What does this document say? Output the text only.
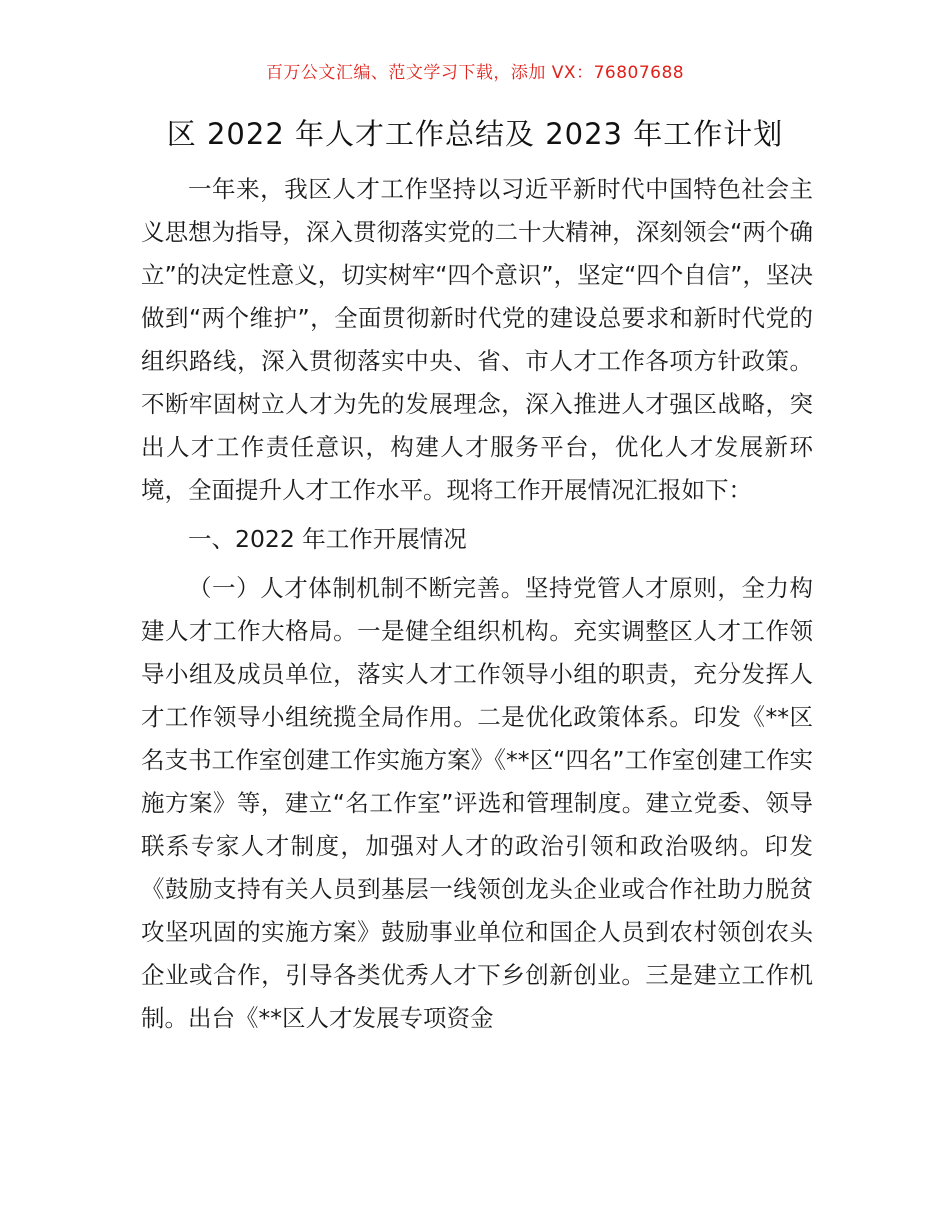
百万公文汇编、范文学习下载，添加 VX：76807688
区 2022 年人才工作总结及 2023 年工作计划

一年来，我区人才工作坚持以习近平新时代中国特色社会主义思想为指导，深入贯彻落实党的二十大精神，深刻领会“两个确立”的决定性意义，切实树牢“四个意识”，坚定“四个自信”，坚决做到“两个维护”，全面贯彻新时代党的建设总要求和新时代党的组织路线，深入贯彻落实中央、省、市人才工作各项方针政策。不断牢固树立人才为先的发展理念，深入推进人才强区战略，突出人才工作责任意识，构建人才服务平台，优化人才发展新环境，全面提升人才工作水平。现将工作开展情况汇报如下：

一、2022 年工作开展情况

（一）人才体制机制不断完善。坚持党管人才原则，全力构建人才工作大格局。一是健全组织机构。充实调整区人才工作领导小组及成员单位，落实人才工作领导小组的职责，充分发挥人才工作领导小组统揽全局作用。二是优化政策体系。印发《**区名支书工作室创建工作实施方案》《**区“四名”工作室创建工作实施方案》等，建立“名工作室”评选和管理制度。建立党委、领导联系专家人才制度，加强对人才的政治引领和政治吸纳。印发《鼓励支持有关人员到基层一线领创龙头企业或合作社助力脱贫攻坚巩固的实施方案》鼓励事业单位和国企人员到农村领创农头企业或合作，引导各类优秀人才下乡创新创业。三是建立工作机制。出台《**区人才发展专项资金
